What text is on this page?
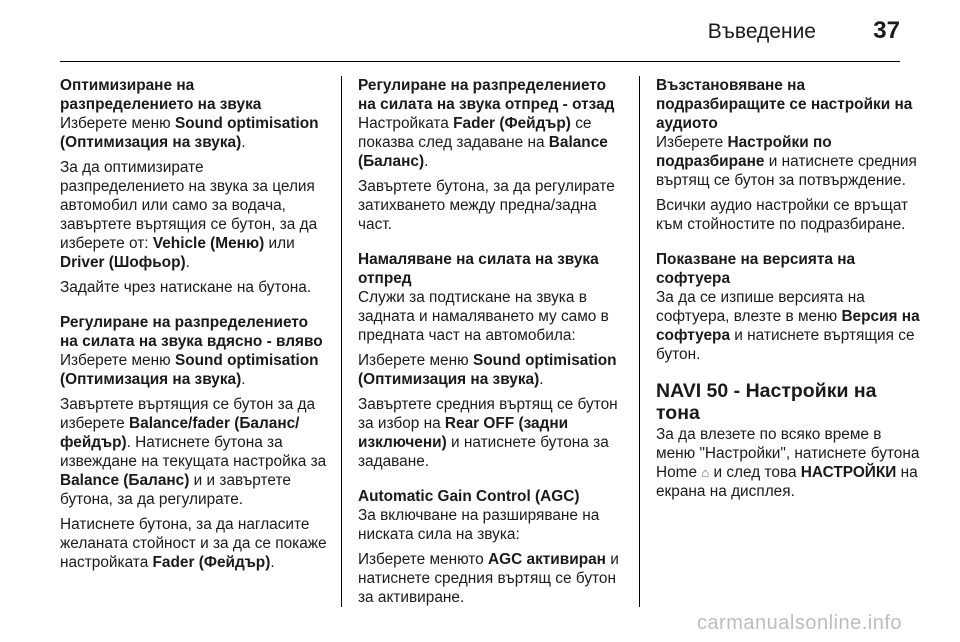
Въведение 37
Оптимизиране на разпределението на звука
Изберете меню Sound optimisation (Оптимизация на звука).
За да оптимизирате разпределението на звука за целия автомобил или само за водача, завъртете въртящия се бутон, за да изберете от: Vehicle (Меню) или Driver (Шофьор).
Задайте чрез натискане на бутона.
Регулиране на разпределението на силата на звука вдясно - вляво
Изберете меню Sound optimisation (Оптимизация на звука).
Завъртете въртящия се бутон за да изберете Balance/fader (Баланс/фейдър). Натиснете бутона за извеждане на текущата настройка за Balance (Баланс) и и завъртете бутона, за да регулирате.
Натиснете бутона, за да нагласите желаната стойност и за да се покаже настройката Fader (Фейдър).
Регулиране на разпределението на силата на звука отпред - отзад
Настройката Fader (Фейдър) се показва след задаване на Balance (Баланс).
Завъртете бутона, за да регулирате затихването между предна/задна част.
Намаляване на силата на звука отпред
Служи за подтискане на звука в задната и намаляването му само в предната част на автомобила:
Изберете меню Sound optimisation (Оптимизация на звука).
Завъртете средния въртящ се бутон за избор на Rear OFF (задни изключени) и натиснете бутона за задаване.
Automatic Gain Control (AGC)
За включване на разширяване на ниската сила на звука:
Изберете менюто AGC активиран и натиснете средния въртящ се бутон за активиране.
Възстановяване на подразбиращите се настройки на аудиото
Изберете Настройки по подразбиране и натиснете средния въртящ се бутон за потвърждение.
Всички аудио настройки се връщат към стойностите по подразбиране.
Показване на версията на софтуера
За да се изпише версията на софтуера, влезте в меню Версия на софтуера и натиснете въртящия се бутон.
NAVI 50 - Настройки на тона
За да влезете по всяко време в меню "Настройки", натиснете бутона Home ⌂ и след това НАСТРОЙКИ на екрана на дисплея.
carmanualsonline.info
